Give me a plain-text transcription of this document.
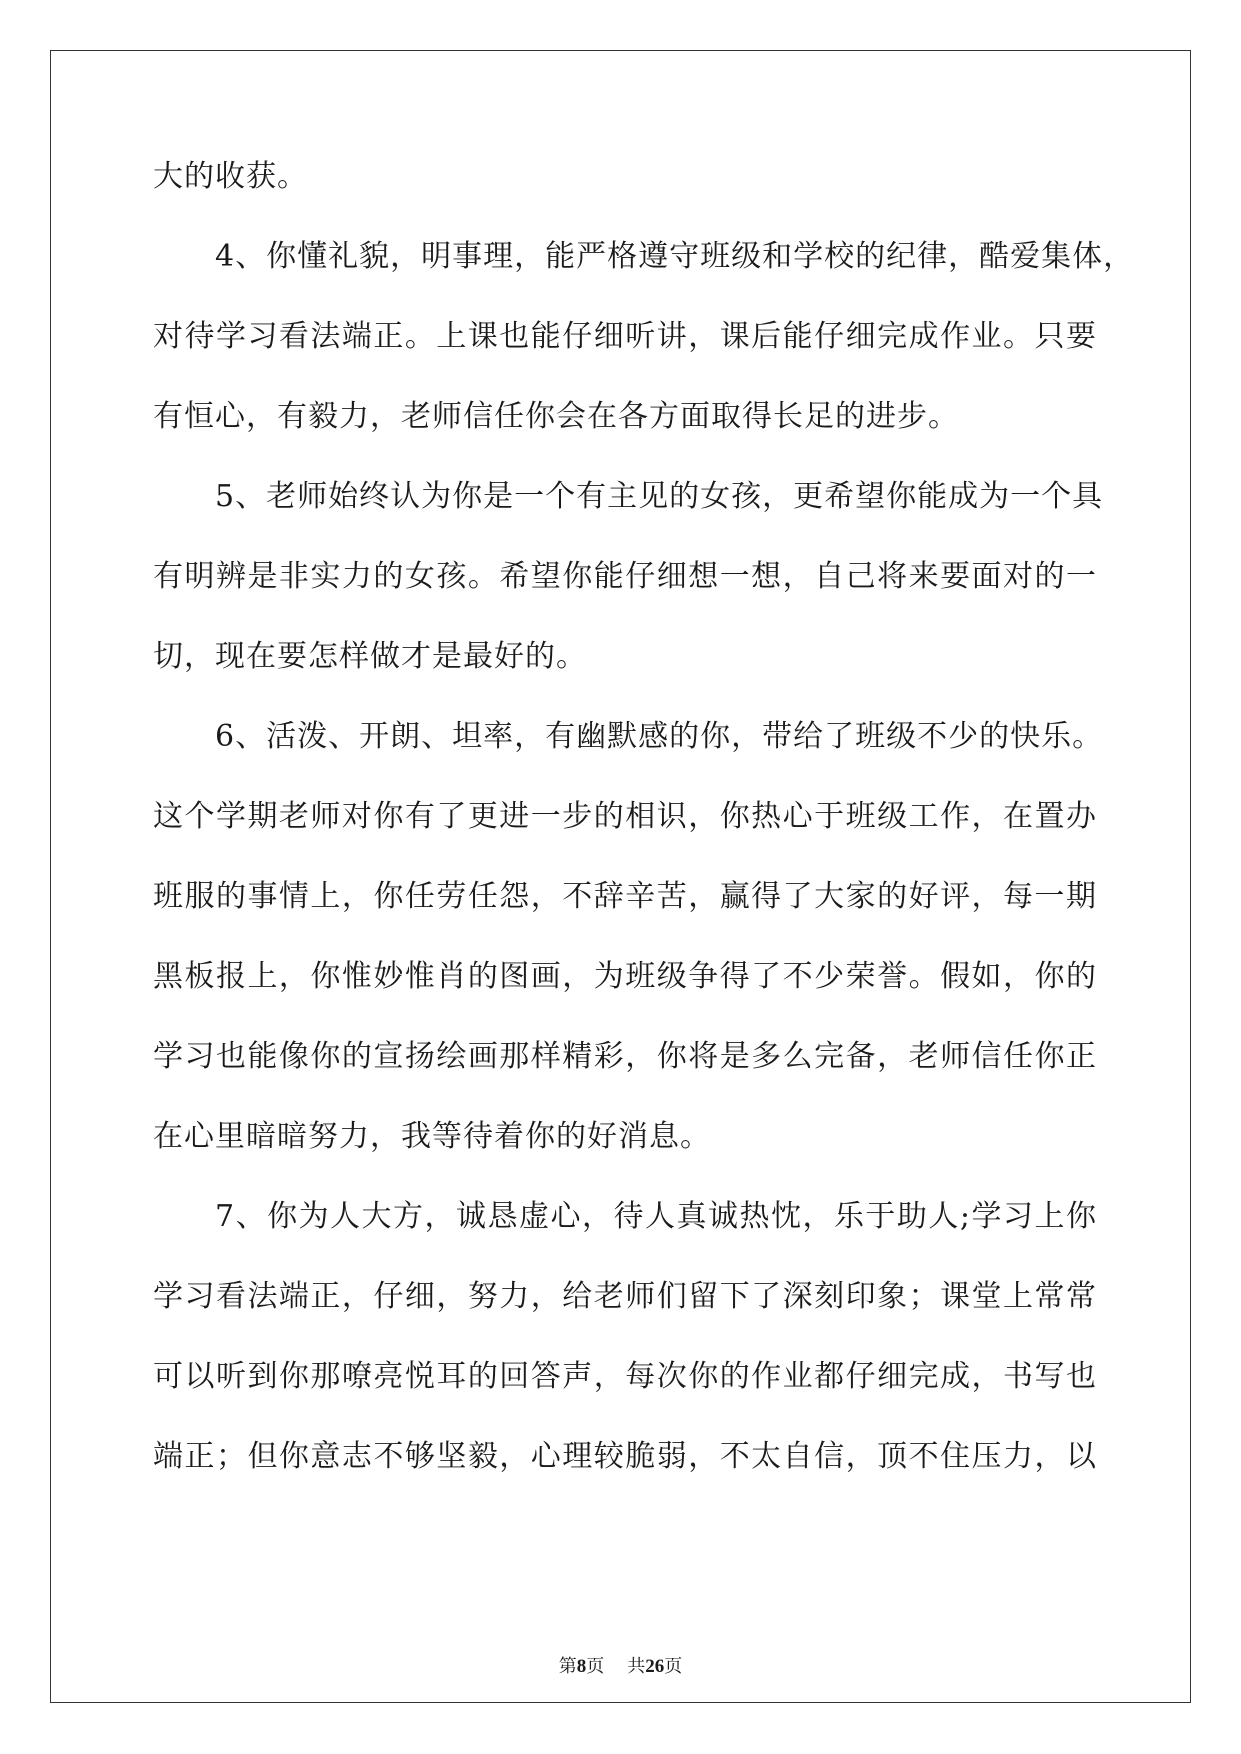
大的收获。
4、你懂礼貌，明事理，能严格遵守班级和学校的纪律，酷爱集体，
对待学习看法端正。上课也能仔细听讲，课后能仔细完成作业。只要
有恒心，有毅力，老师信任你会在各方面取得长足的进步。
5、老师始终认为你是一个有主见的女孩，更希望你能成为一个具
有明辨是非实力的女孩。希望你能仔细想一想，自己将来要面对的一
切，现在要怎样做才是最好的。
6、活泼、开朗、坦率，有幽默感的你，带给了班级不少的快乐。
这个学期老师对你有了更进一步的相识，你热心于班级工作，在置办
班服的事情上，你任劳任怨，不辞辛苦，赢得了大家的好评，每一期
黑板报上，你惟妙惟肖的图画，为班级争得了不少荣誉。假如，你的
学习也能像你的宣扬绘画那样精彩，你将是多么完备，老师信任你正
在心里暗暗努力，我等待着你的好消息。
7、你为人大方，诚恳虚心，待人真诚热忱，乐于助人;学习上你
学习看法端正，仔细，努力，给老师们留下了深刻印象；课堂上常常
可以听到你那嘹亮悦耳的回答声，每次你的作业都仔细完成，书写也
端正；但你意志不够坚毅，心理较脆弱，不太自信，顶不住压力，以
第8页 共26页
